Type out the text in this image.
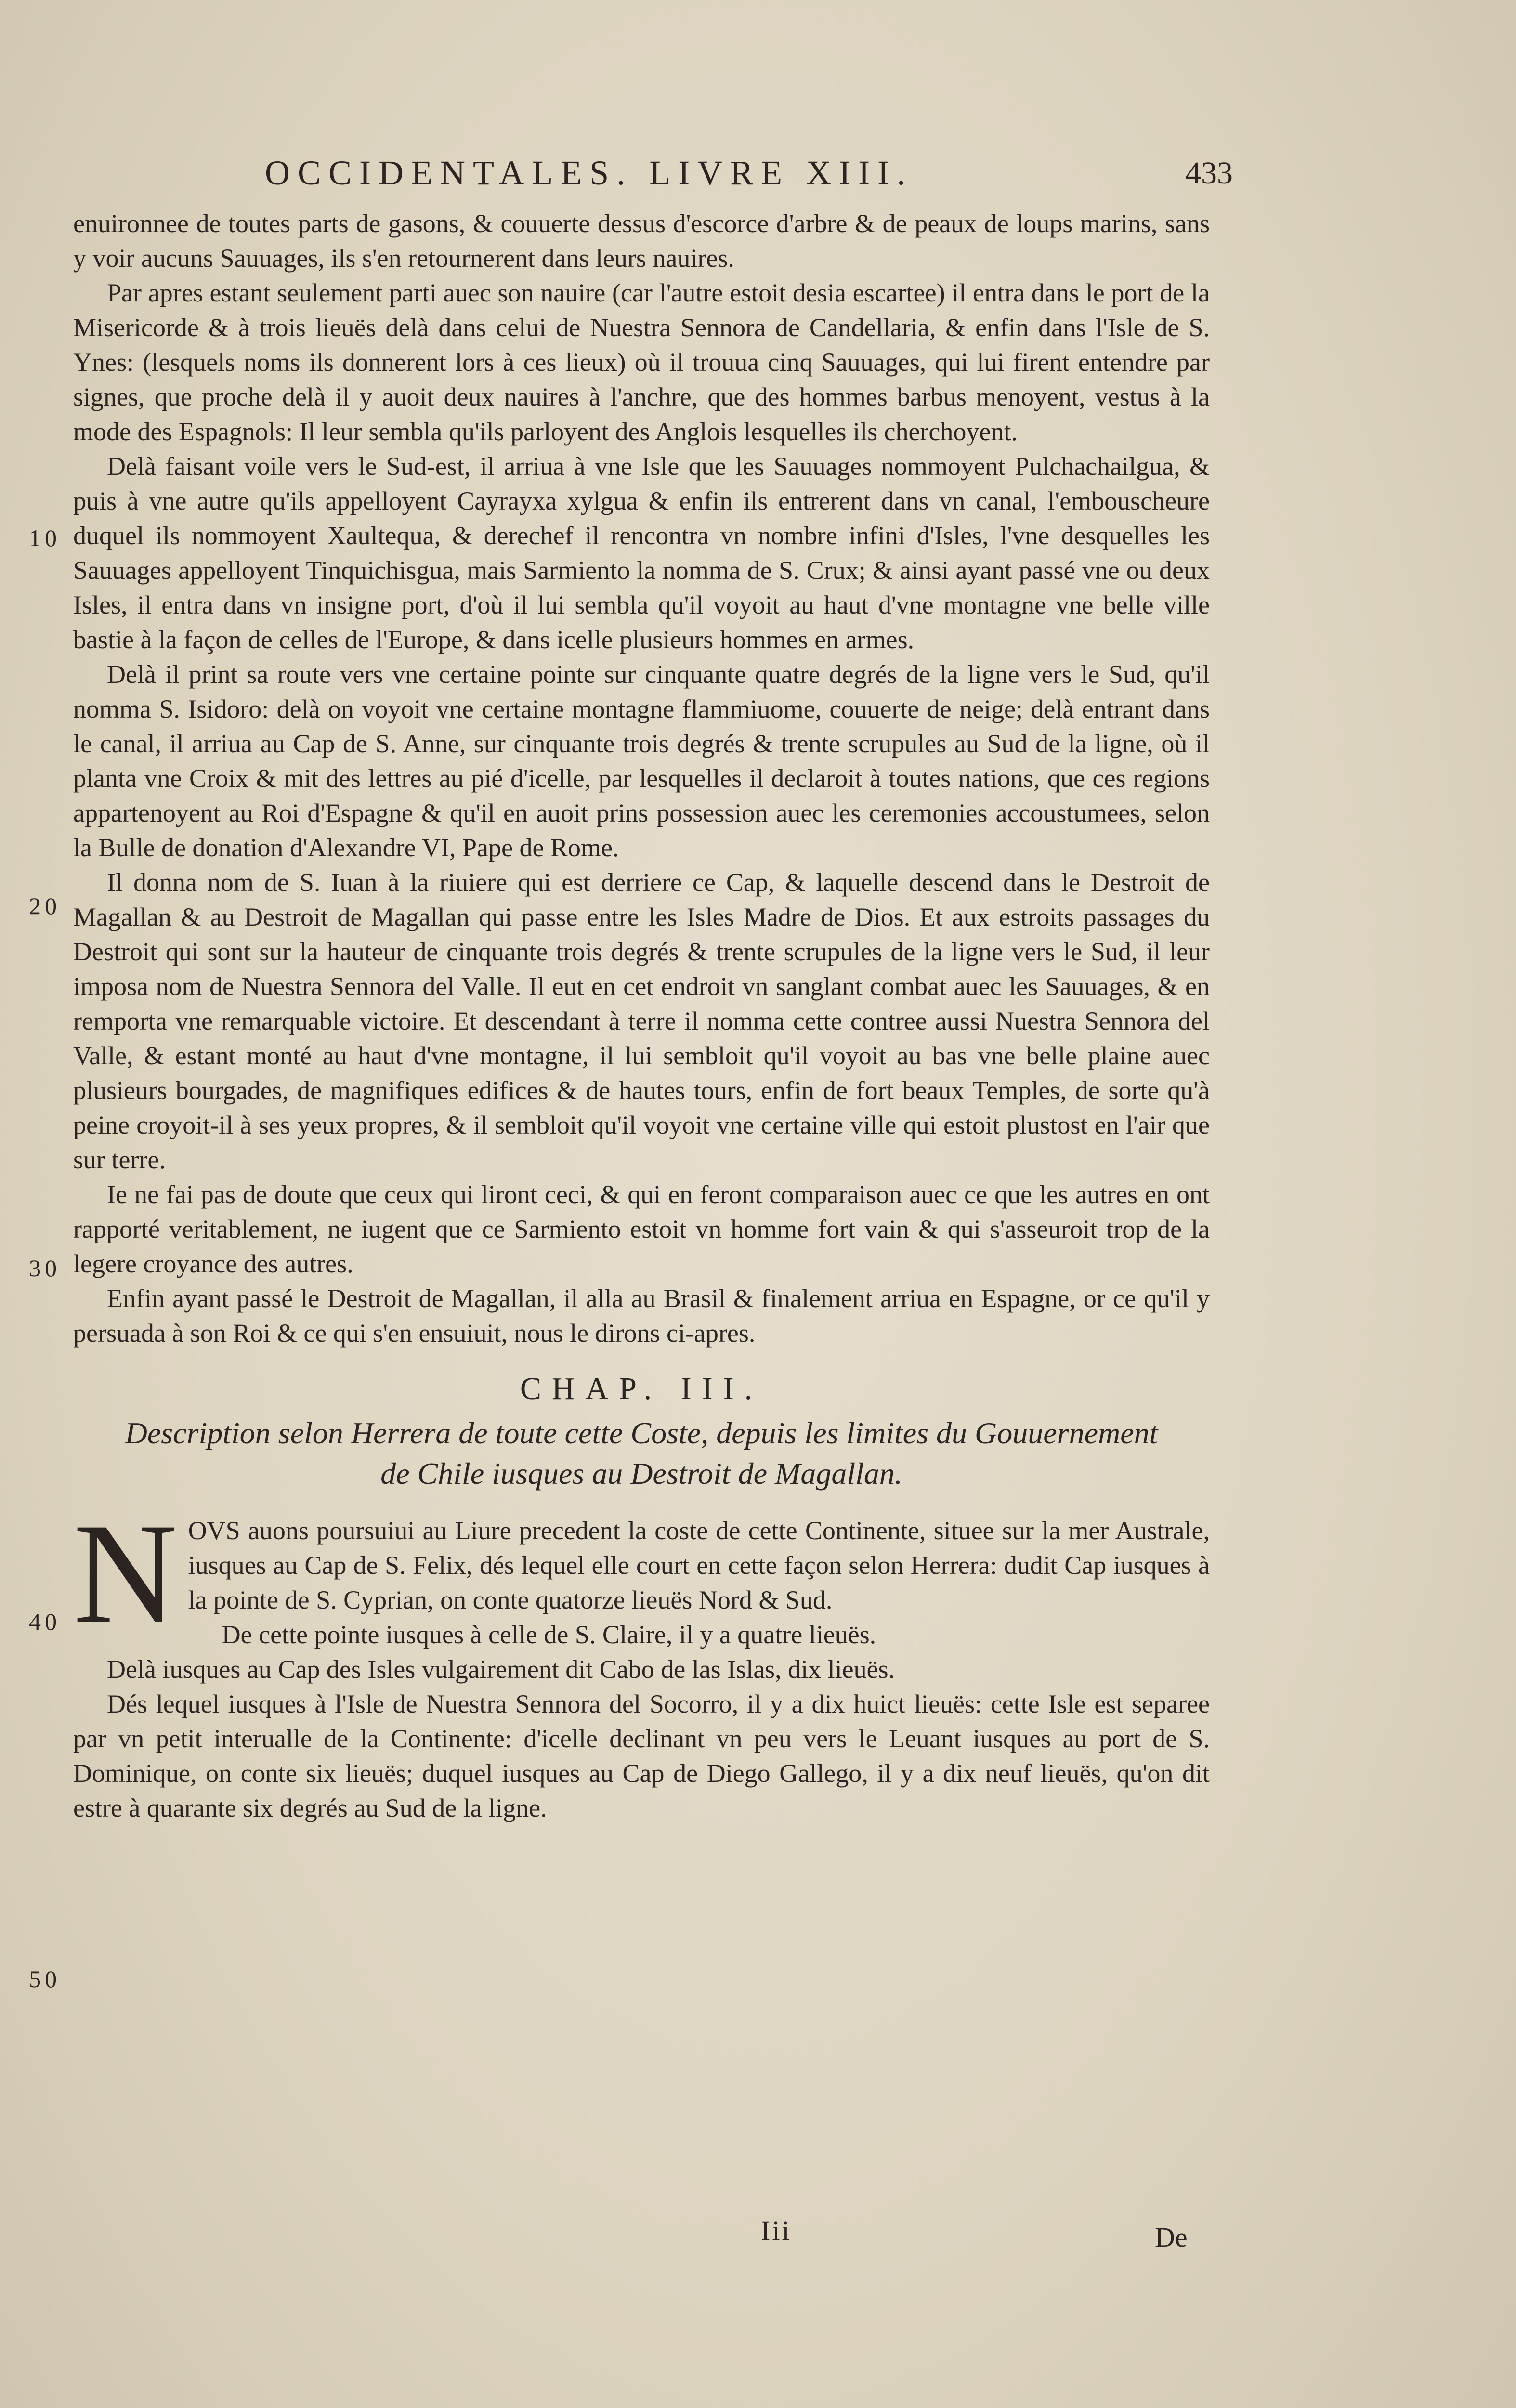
OCCIDENTALES. LIVRE XIII.	433
10
20
30
40
50

enuironnee de toutes parts de gasons, & couuerte dessus d'escorce d'arbre & de peaux de loups marins, sans y voir aucuns Sauuages, ils s'en retournerent dans leurs nauires.

Par apres estant seulement parti auec son nauire (car l'autre estoit desia escartee) il entra dans le port de la Misericorde & à trois lieuës delà dans celui de Nuestra Sennora de Candellaria, & enfin dans l'Isle de S. Ynes: (lesquels noms ils donnerent lors à ces lieux) où il trouua cinq Sauuages, qui lui firent entendre par signes, que proche delà il y auoit deux nauires à l'anchre, que des hommes barbus menoyent, vestus à la mode des Espagnols: Il leur sembla qu'ils parloyent des Anglois lesquelles ils cherchoyent.

Delà faisant voile vers le Sud-est, il arriua à vne Isle que les Sauuages nommoyent Pulchachailgua, & puis à vne autre qu'ils appelloyent Cayrayxa xylgua & enfin ils entrerent dans vn canal, l'embouscheure duquel ils nommoyent Xaultequa, & derechef il rencontra vn nombre infini d'Isles, l'vne desquelles les Sauuages appelloyent Tinquichisgua, mais Sarmiento la nomma de S. Crux; & ainsi ayant passé vne ou deux Isles, il entra dans vn insigne port, d'où il lui sembla qu'il voyoit au haut d'vne montagne vne belle ville bastie à la façon de celles de l'Europe, & dans icelle plusieurs hommes en armes.

Delà il print sa route vers vne certaine pointe sur cinquante quatre degrés de la ligne vers le Sud, qu'il nomma S. Isidoro: delà on voyoit vne certaine montagne flammiuome, couuerte de neige; delà entrant dans le canal, il arriua au Cap de S. Anne, sur cinquante trois degrés & trente scrupules au Sud de la ligne, où il planta vne Croix & mit des lettres au pié d'icelle, par lesquelles il declaroit à toutes nations, que ces regions appartenoyent au Roi d'Espagne & qu'il en auoit prins possession auec les ceremonies accoustumees, selon la Bulle de donation d'Alexandre VI, Pape de Rome.

Il donna nom de S. Iuan à la riuiere qui est derriere ce Cap, & laquelle descend dans le Destroit de Magallan & au Destroit de Magallan qui passe entre les Isles Madre de Dios. Et aux estroits passages du Destroit qui sont sur la hauteur de cinquante trois degrés & trente scrupules de la ligne vers le Sud, il leur imposa nom de Nuestra Sennora del Valle. Il eut en cet endroit vn sanglant combat auec les Sauuages, & en remporta vne remarquable victoire. Et descendant à terre il nomma cette contree aussi Nuestra Sennora del Valle, & estant monté au haut d'vne montagne, il lui sembloit qu'il voyoit au bas vne belle plaine auec plusieurs bourgades, de magnifiques edifices & de hautes tours, enfin de fort beaux Temples, de sorte qu'à peine croyoit-il à ses yeux propres, & il sembloit qu'il voyoit vne certaine ville qui estoit plustost en l'air que sur terre.

Ie ne fai pas de doute que ceux qui liront ceci, & qui en feront comparaison auec ce que les autres en ont rapporté veritablement, ne iugent que ce Sarmiento estoit vn homme fort vain & qui s'asseuroit trop de la legere croyance des autres.

Enfin ayant passé le Destroit de Magallan, il alla au Brasil & finalement arriua en Espagne, or ce qu'il y persuada à son Roi & ce qui s'en ensuiuit, nous le dirons ci-apres.

CHAP. III.
Description selon Herrera de toute cette Coste, depuis les limites du Gouuernement de Chile iusques au Destroit de Magallan.

NOVS auons poursuiui au Liure precedent la coste de cette Continente, situee sur la mer Australe, iusques au Cap de S. Felix, dés lequel elle court en cette façon selon Herrera: dudit Cap iusques à la pointe de S. Cyprian, on conte quatorze lieuës Nord & Sud.

De cette pointe iusques à celle de S. Claire, il y a quatre lieuës.

Delà iusques au Cap des Isles vulgairement dit Cabo de las Islas, dix lieuës.

Dés lequel iusques à l'Isle de Nuestra Sennora del Socorro, il y a dix huict lieuës: cette Isle est separee par vn petit interualle de la Continente: d'icelle declinant vn peu vers le Leuant iusques au port de S. Dominique, on conte six lieuës; duquel iusques au Cap de Diego Gallego, il y a dix neuf lieuës, qu'on dit estre à quarante six degrés au Sud de la ligne.

Iii	De
